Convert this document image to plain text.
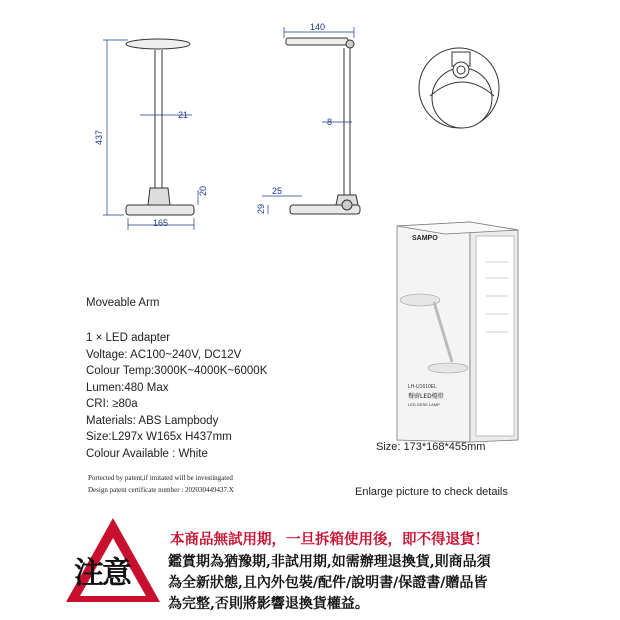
437
21
165
20
140
8
25
29
SAMPO
LH-U1610EL
餐廚LED檯燈
LED DESK LAMP
Moveable Arm
1 × LED adapter
Voltage: AC100~240V, DC12V
Colour Temp:3000K~4000K~6000K
Lumen:480 Max
CRI: ≥80a
Materials: ABS Lampbody
Size:L297x W165x H437mm
Colour Available : White
Size: 173*168*455mm
Portected by patent,if imitated will be investingated
Design patent certificate number : 202030449437.X	Enlarge picture to check details
注意
本商品無試用期，一旦拆箱使用後，即不得退貨！
鑑賞期為猶豫期,非試用期,如需辦理退換貨,則商品須
為全新狀態,且內外包裝/配件/說明書/保證書/贈品皆
為完整,否則將影響退換貨權益。
